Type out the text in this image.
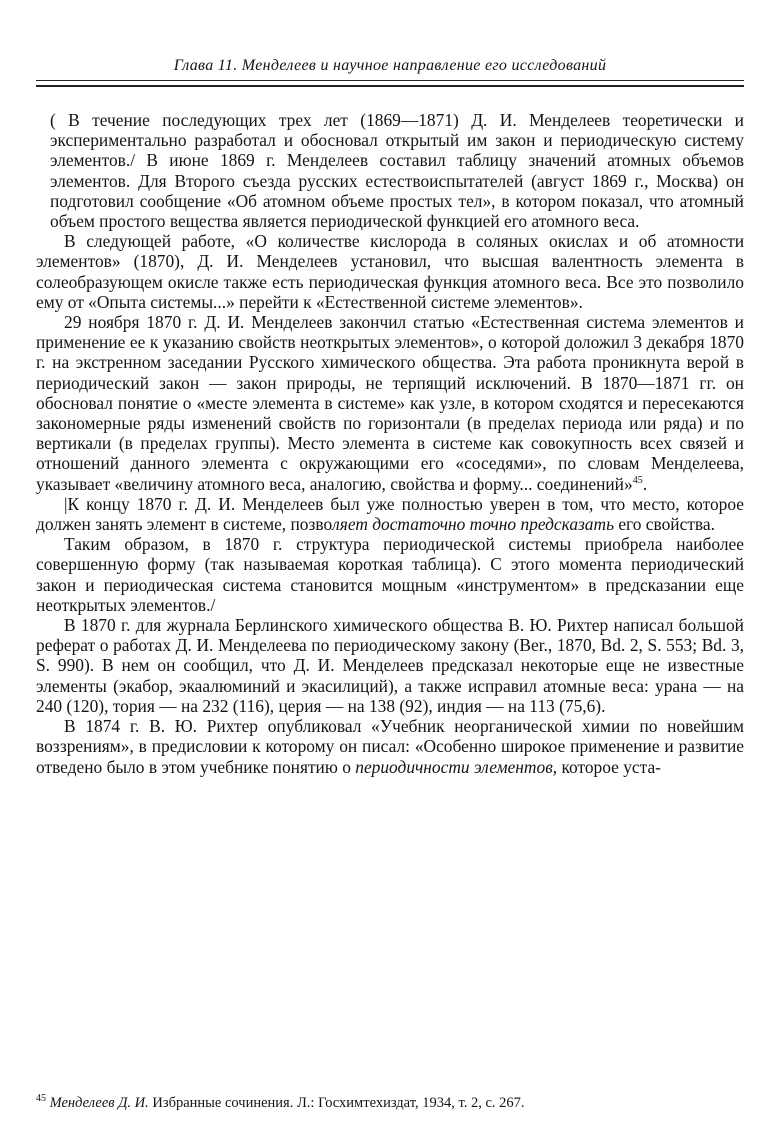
Глава 11. Менделеев и научное направление его исследований

( В течение последующих трех лет (1869—1871) Д. И. Менделеев теоретически и экспериментально разработал и обосновал открытый им закон и периодическую систему элементов./ В июне 1869 г. Менделеев составил таблицу значений атомных объемов элементов. Для Второго съезда русских естествоиспытателей (август 1869 г., Москва) он подготовил сообщение «Об атомном объеме простых тел», в котором показал, что атомный объем простого вещества является периодической функцией его атомного веса.

В следующей работе, «О количестве кислорода в соляных окислах и об атомности элементов» (1870), Д. И. Менделеев установил, что высшая валентность элемента в солеобразующем окисле также есть периодическая функция атомного веса. Все это позволило ему от «Опыта системы...» перейти к «Естественной системе элементов».

29 ноября 1870 г. Д. И. Менделеев закончил статью «Естественная система элементов и применение ее к указанию свойств неоткрытых элементов», о которой доложил 3 декабря 1870 г. на экстренном заседании Русского химического общества. Эта работа проникнута верой в периодический закон — закон природы, не терпящий исключений. В 1870—1871 гг. он обосновал понятие о «месте элемента в системе» как узле, в котором сходятся и пересекаются закономерные ряды изменений свойств по горизонтали (в пределах периода или ряда) и по вертикали (в пределах группы). Место элемента в системе как совокупность всех связей и отношений данного элемента с окружающими его «соседями», по словам Менделеева, указывает «величину атомного веса, аналогию, свойства и форму... соединений»$^{45}$.

|К концу 1870 г. Д. И. Менделеев был уже полностью уверен в том, что место, которое должен занять элемент в системе, позволяет достаточно точно предсказать его свойства.

Таким образом, в 1870 г. структура периодической системы приобрела наиболее совершенную форму (так называемая короткая таблица). С этого момента периодический закон и периодическая система становится мощным «инструментом» в предсказании еще неоткрытых элементов./

В 1870 г. для журнала Берлинского химического общества В. Ю. Рихтер написал большой реферат о работах Д. И. Менделеева по периодическому закону (Ber., 1870, Bd. 2, S. 553; Bd. 3, S. 990). В нем он сообщил, что Д. И. Менделеев предсказал некоторые еще не известные элементы (экабор, экаалюминий и экасилиций), а также исправил атомные веса: урана — на 240 (120), тория — на 232 (116), церия — на 138 (92), индия — на 113 (75,6).

В 1874 г. В. Ю. Рихтер опубликовал «Учебник неорганической химии по новейшим воззрениям», в предисловии к которому он писал: «Особенно широкое применение и развитие отведено было в этом учебнике понятию о периодичности элементов, которое уста-

$^{45}$ Менделеев Д. И. Избранные сочинения. Л.: Госхимтехиздат, 1934, т. 2, с. 267.
